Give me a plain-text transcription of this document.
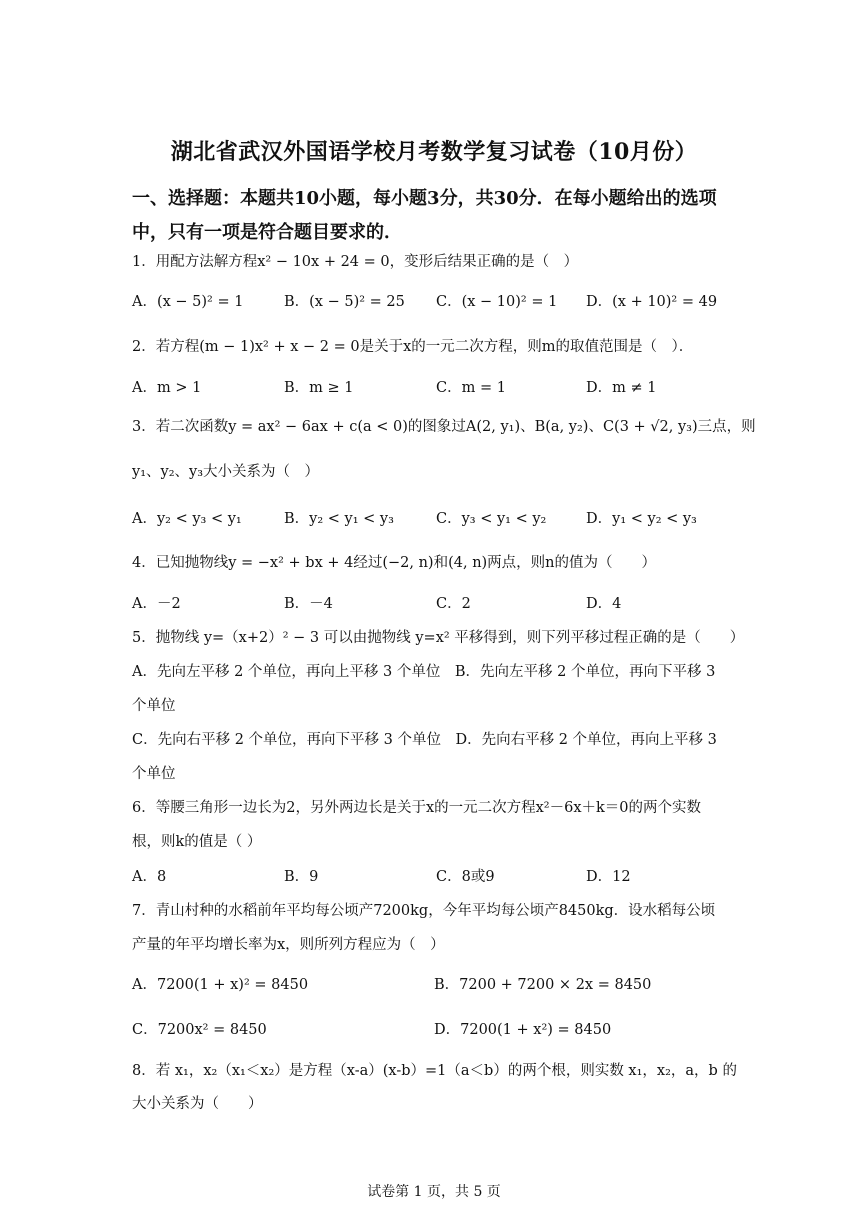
湖北省武汉外国语学校月考数学复习试卷（10月份）
一、选择题：本题共10小题，每小题3分，共30分．在每小题给出的选项中，只有一项是符合题目要求的．
1．用配方法解方程x² − 10x + 24 = 0，变形后结果正确的是（　）
A．(x − 5)² = 1	B．(x − 5)² = 25 C．(x − 10)² = 1 D．(x + 10)² = 49
2．若方程(m − 1)x² + x − 2 = 0是关于x的一元二次方程，则m的取值范围是（　）．
A．m > 1	B．m ≥ 1	C．m = 1	D．m ≠ 1
3．若二次函数y = ax² − 6ax + c(a < 0)的图象过A(2, y₁)、B(a, y₂)、C(3 + √2, y₃)三点，则
y₁、y₂、y₃大小关系为（　）
A．y₂ < y₃ < y₁	B．y₂ < y₁ < y₃	C．y₃ < y₁ < y₂	D．y₁ < y₂ < y₃
4．已知抛物线y = −x² + bx + 4经过(−2, n)和(4, n)两点，则n的值为（　　）
A．－2	B．－4	C．2	D．4
5．抛物线 y=（x+2）² − 3 可以由抛物线 y=x² 平移得到，则下列平移过程正确的是（　　）
A．先向左平移 2 个单位，再向上平移 3 个单位　B．先向左平移 2 个单位，再向下平移 3
个单位
C．先向右平移 2 个单位，再向下平移 3 个单位　D．先向右平移 2 个单位，再向上平移 3
个单位
6．等腰三角形一边长为2，另外两边长是关于x的一元二次方程x²－6x＋k＝0的两个实数
根，则k的值是（ ）
A．8	B．9	C．8或9	D．12
7．青山村种的水稻前年平均每公顷产7200kg，今年平均每公顷产8450kg．设水稻每公顷
产量的年平均增长率为x，则所列方程应为（　）
A．7200(1 + x)² = 8450	B．7200 + 7200 × 2x = 8450
C．7200x² = 8450	D．7200(1 + x²) = 8450
8．若 x₁，x₂（x₁＜x₂）是方程（x-a）(x-b）=1（a＜b）的两个根，则实数 x₁，x₂，a，b 的
大小关系为（　　）
试卷第 1 页，共 5 页
